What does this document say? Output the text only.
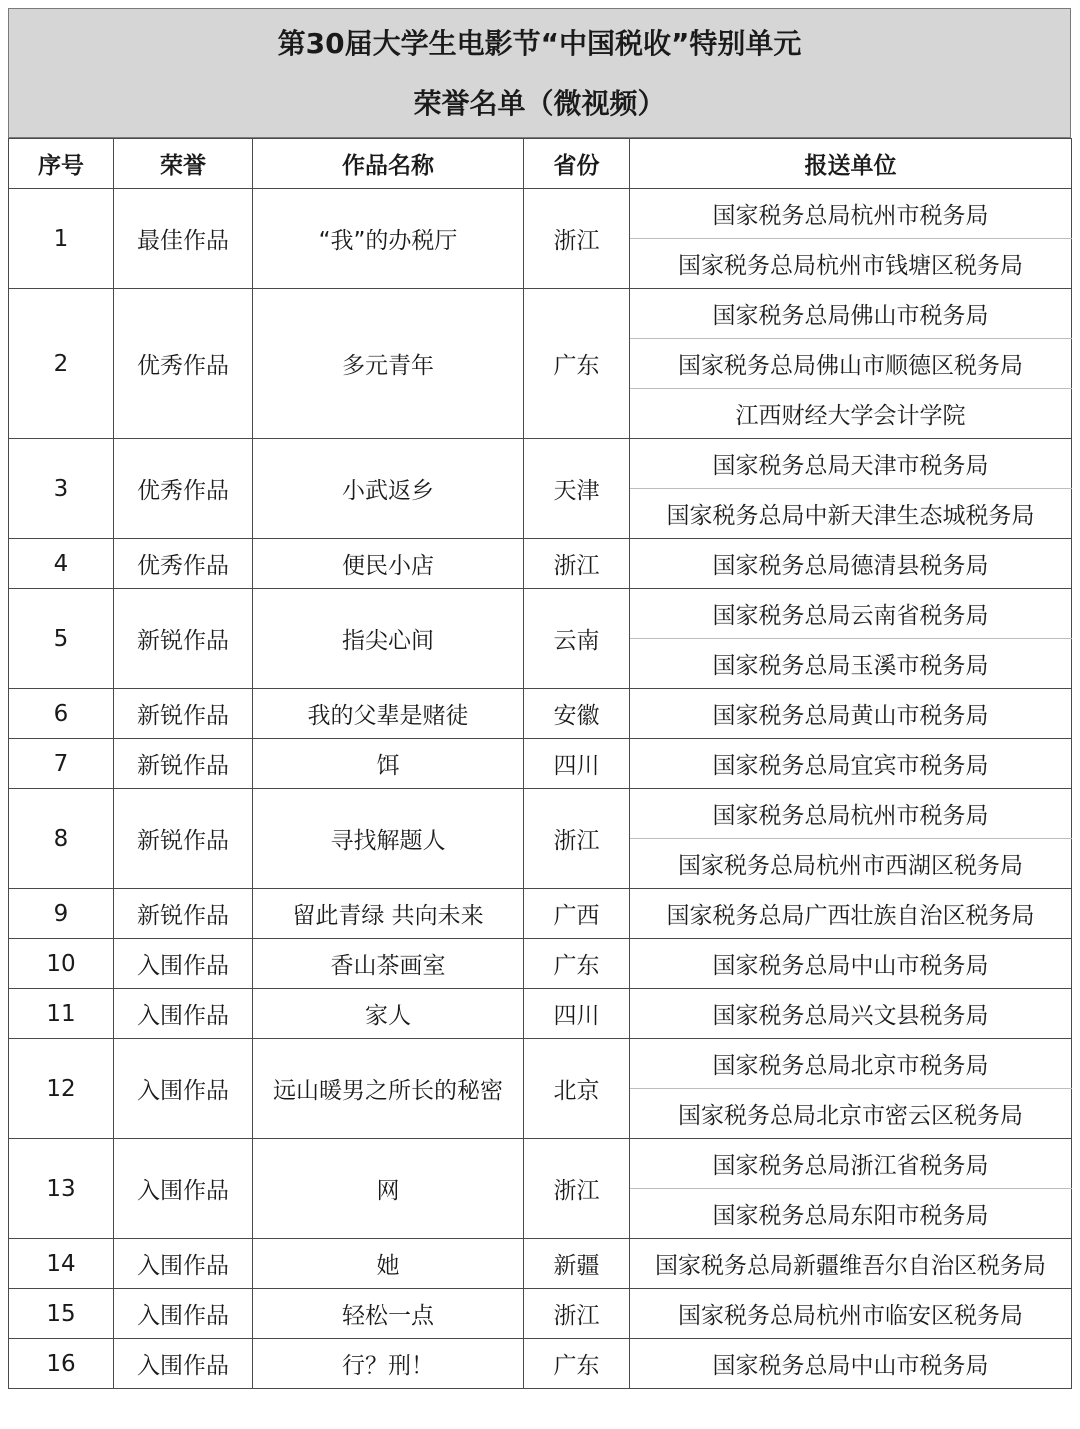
第30届大学生电影节“中国税收”特别单元
荣誉名单（微视频）
序号	荣誉	作品名称	省份	报送单位
1	最佳作品	“我”的办税厅	浙江	国家税务总局杭州市税务局
				国家税务总局杭州市钱塘区税务局
2	优秀作品	多元青年	广东	国家税务总局佛山市税务局
				国家税务总局佛山市顺德区税务局
				江西财经大学会计学院
3	优秀作品	小武返乡	天津	国家税务总局天津市税务局
				国家税务总局中新天津生态城税务局
4	优秀作品	便民小店	浙江	国家税务总局德清县税务局
5	新锐作品	指尖心间	云南	国家税务总局云南省税务局
				国家税务总局玉溪市税务局
6	新锐作品	我的父辈是赌徒	安徽	国家税务总局黄山市税务局
7	新锐作品	饵	四川	国家税务总局宜宾市税务局
8	新锐作品	寻找解题人	浙江	国家税务总局杭州市税务局
				国家税务总局杭州市西湖区税务局
9	新锐作品	留此青绿 共向未来	广西	国家税务总局广西壮族自治区税务局
10	入围作品	香山茶画室	广东	国家税务总局中山市税务局
11	入围作品	家人	四川	国家税务总局兴文县税务局
12	入围作品	远山暖男之所长的秘密	北京	国家税务总局北京市税务局
				国家税务总局北京市密云区税务局
13	入围作品	网	浙江	国家税务总局浙江省税务局
				国家税务总局东阳市税务局
14	入围作品	她	新疆	国家税务总局新疆维吾尔自治区税务局
15	入围作品	轻松一点	浙江	国家税务总局杭州市临安区税务局
16	入围作品	行？刑！	广东	国家税务总局中山市税务局
